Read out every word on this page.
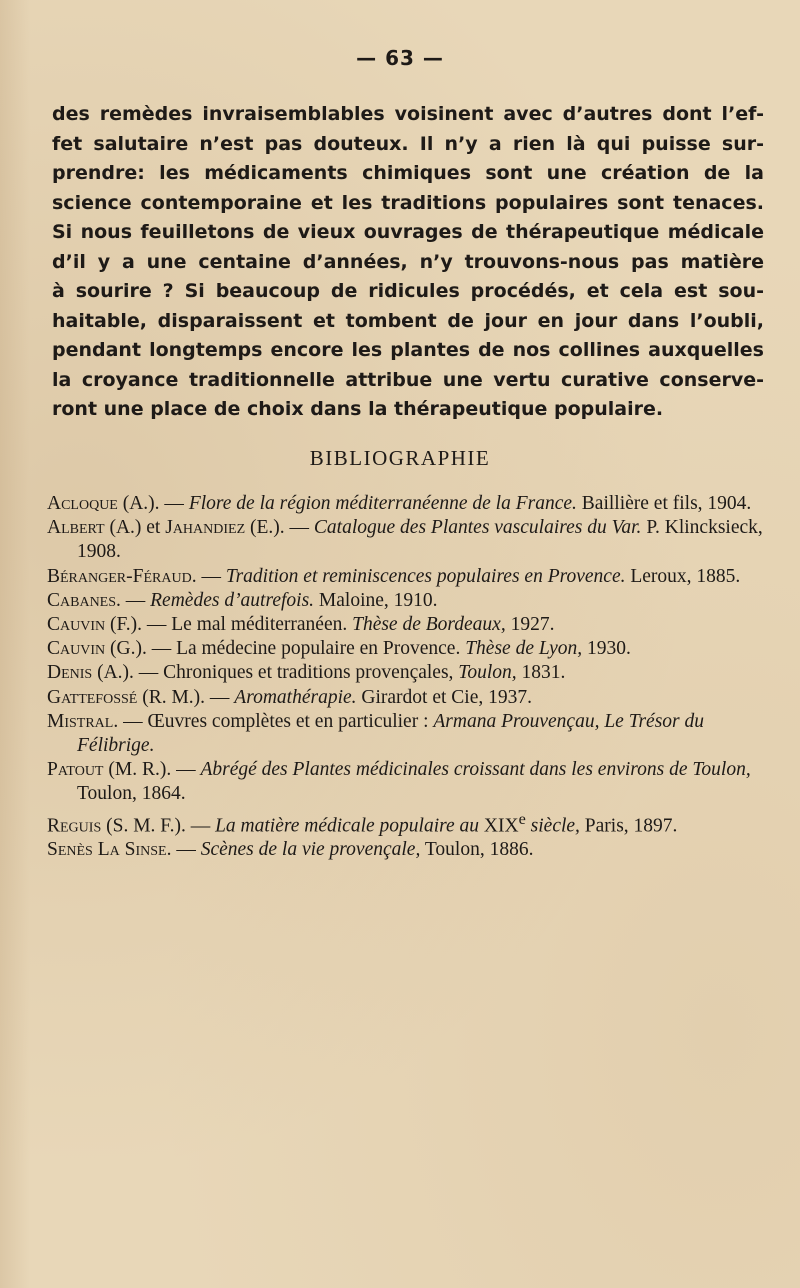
— 63 —
des remèdes invraisemblables voisinent avec d’autres dont l’ef-
fet salutaire n’est pas douteux. Il n’y a rien là qui puisse sur-
prendre: les médicaments chimiques sont une création de la
science contemporaine et les traditions populaires sont tenaces.
Si nous feuilletons de vieux ouvrages de thérapeutique médicale
d’il y a une centaine d’années, n’y trouvons-nous pas matière
à sourire ? Si beaucoup de ridicules procédés, et cela est sou-
haitable, disparaissent et tombent de jour en jour dans l’oubli,
pendant longtemps encore les plantes de nos collines auxquelles
la croyance traditionnelle attribue une vertu curative conserve-
ront une place de choix dans la thérapeutique populaire.
BIBLIOGRAPHIE
Acloque (A.). — Flore de la région méditerranéenne de la France. Baillière et fils, 1904.
Albert (A.) et Jahandiez (E.). — Catalogue des Plantes vasculaires du Var. P. Klincksieck, 1908.
Béranger-Féraud. — Tradition et reminiscences populaires en Provence. Leroux, 1885.
Cabanes. — Remèdes d’autrefois. Maloine, 1910.
Cauvin (F.). — Le mal méditerranéen. Thèse de Bordeaux, 1927.
Cauvin (G.). — La médecine populaire en Provence. Thèse de Lyon, 1930.
Denis (A.). — Chroniques et traditions provençales, Toulon, 1831.
Gattefossé (R. M.). — Aromathérapie. Girardot et Cie, 1937.
Mistral. — Œuvres complètes et en particulier : Armana Prouvençau, Le Trésor du Félibrige.
Patout (M. R.). — Abrégé des Plantes médicinales croissant dans les environs de Toulon, Toulon, 1864.
Reguis (S. M. F.). — La matière médicale populaire au XIXe siècle, Paris, 1897.
Senès La Sinse. — Scènes de la vie provençale, Toulon, 1886.
